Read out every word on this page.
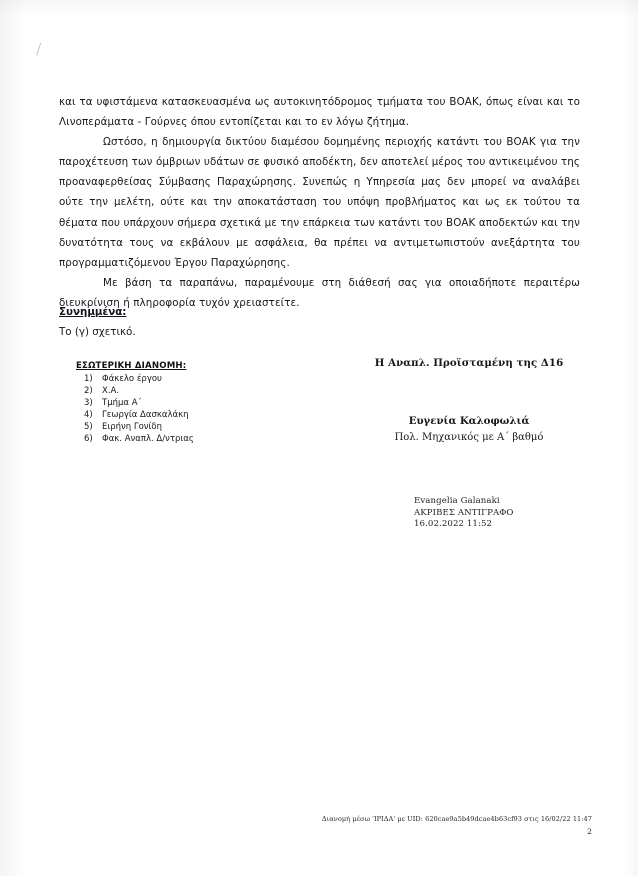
και τα υφιστάμενα κατασκευασμένα ως αυτοκινητόδρομος τμήματα του ΒΟΑΚ, όπως είναι και το Λινοπεράματα - Γούρνες όπου εντοπίζεται και το εν λόγω ζήτημα.

Ωστόσο, η δημιουργία δικτύου διαμέσου δομημένης περιοχής κατάντι του ΒΟΑΚ για την παροχέτευση των όμβριων υδάτων σε φυσικό αποδέκτη, δεν αποτελεί μέρος του αντικειμένου της προαναφερθείσας Σύμβασης Παραχώρησης. Συνεπώς η Υπηρεσία μας δεν μπορεί να αναλάβει ούτε την μελέτη, ούτε και την αποκατάσταση του υπόψη προβλήματος και ως εκ τούτου τα θέματα που υπάρχουν σήμερα σχετικά με την επάρκεια των κατάντι του ΒΟΑΚ αποδεκτών και την δυνατότητα τους να εκβάλουν με ασφάλεια, θα πρέπει να αντιμετωπιστούν ανεξάρτητα του προγραμματιζόμενου Έργου Παραχώρησης.

Με βάση τα παραπάνω, παραμένουμε στη διάθεσή σας για οποιαδήποτε περαιτέρω διευκρίνιση ή πληροφορία τυχόν χρειαστείτε.

Συνημμένα:
Το (γ) σχετικό.
ΕΣΩΤΕΡΙΚΗ ΔΙΑΝΟΜΗ:
1)	Φάκελο έργου
2)	Χ.Α.
3)	Τμήμα Α΄
4)	Γεωργία Δασκαλάκη
5)	Ειρήνη Γονίδη
6)	Φακ. Αναπλ. Δ/ντριας
Η Αναπλ. Προϊσταμένη της Δ16
Ευγενία Καλοφωλιά
Πολ. Μηχανικός με Α΄ βαθμό
Evangelia Galanaki
ΑΚΡΙΒΕΣ ΑΝΤΙΓΡΑΦΟ
16.02.2022 11:52
Διανομή μέσω 'ΙΡΙΔΑ' με UID: 620cae9a5b49dcae4b63cf93 στις 16/02/22 11:47
2
